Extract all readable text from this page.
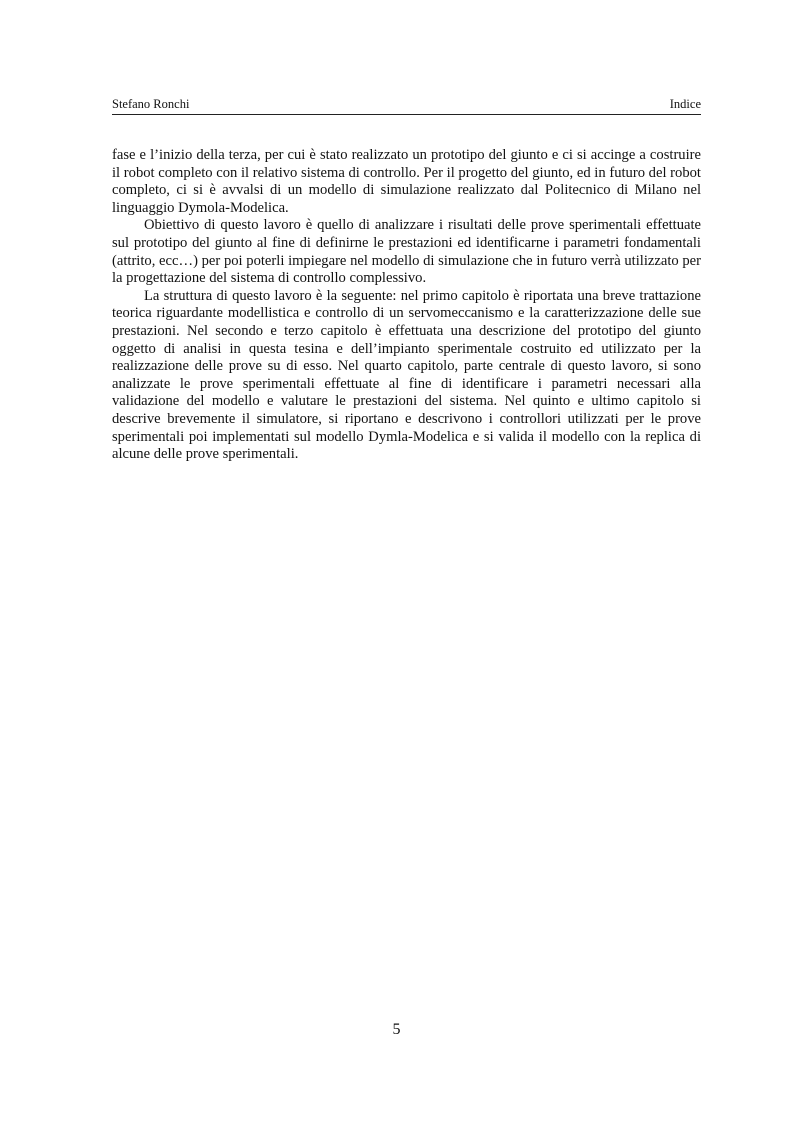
Stefano Ronchi	Indice

fase e l’inizio della terza, per cui è stato realizzato un prototipo del giunto e ci si accinge a costruire il robot completo con il relativo sistema di controllo. Per il progetto del giunto, ed in futuro del robot completo, ci si è avvalsi di un modello di simulazione realizzato dal Politecnico di Milano nel linguaggio Dymola-Modelica.

Obiettivo di questo lavoro è quello di analizzare i risultati delle prove sperimentali effettuate sul prototipo del giunto al fine di definirne le prestazioni ed identificarne i parametri fondamentali (attrito, ecc…) per poi poterli impiegare nel modello di simulazione che in futuro verrà utilizzato per la progettazione del sistema di controllo complessivo.

La struttura di questo lavoro è la seguente: nel primo capitolo è riportata una breve trattazione teorica riguardante modellistica e controllo di un servomeccanismo e la caratterizzazione delle sue prestazioni. Nel secondo e terzo capitolo è effettuata una descrizione del prototipo del giunto oggetto di analisi in questa tesina e dell’impianto sperimentale costruito ed utilizzato per la realizzazione delle prove su di esso. Nel quarto capitolo, parte centrale di questo lavoro, si sono analizzate le prove sperimentali effettuate al fine di identificare i parametri necessari alla validazione del modello e valutare le prestazioni del sistema. Nel quinto e ultimo capitolo si descrive brevemente il simulatore, si riportano e descrivono i controllori utilizzati per le prove sperimentali poi implementati sul modello Dymla-Modelica e si valida il modello con la replica di alcune delle prove sperimentali.

5
